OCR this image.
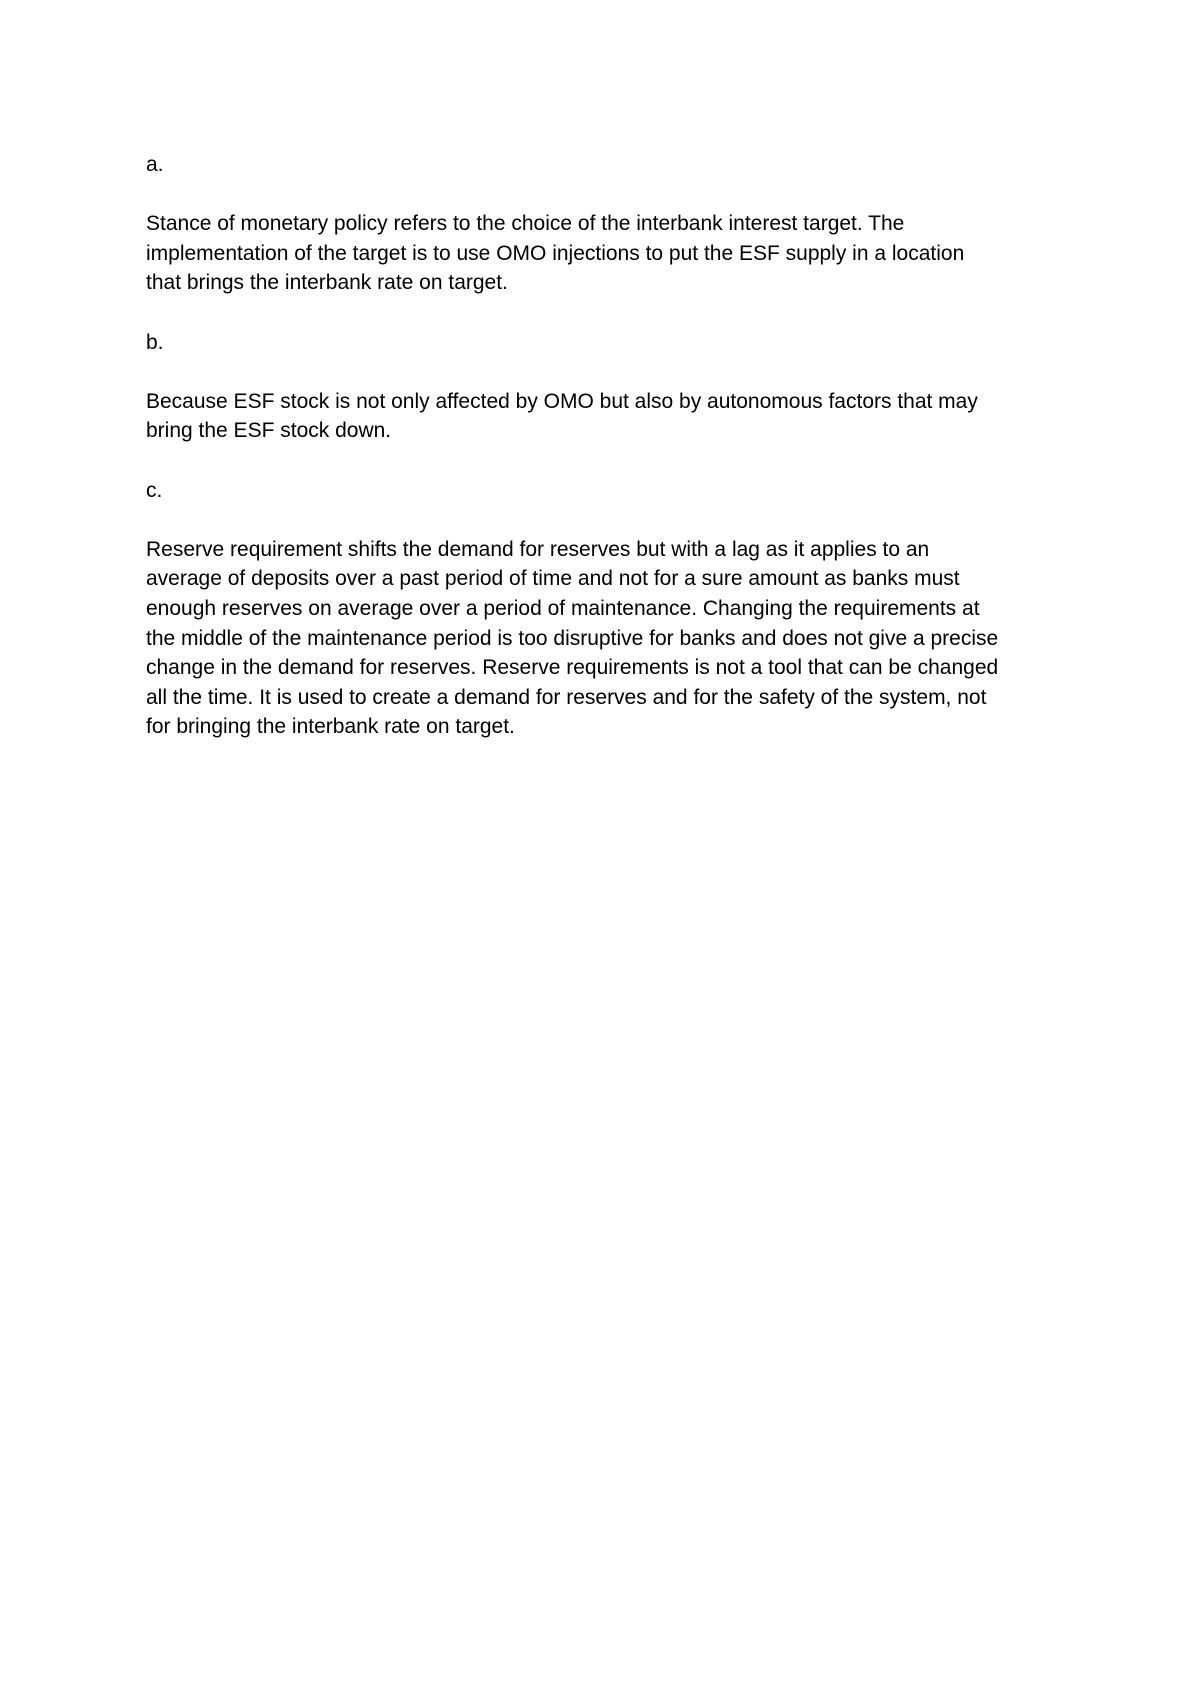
a.
Stance of monetary policy refers to the choice of the interbank interest target. The
implementation of the target is to use OMO injections to put the ESF supply in a location
that brings the interbank rate on target.
b.
Because ESF stock is not only affected by OMO but also by autonomous factors that may
bring the ESF stock down.
c.
Reserve requirement shifts the demand for reserves but with a lag as it applies to an
average of deposits over a past period of time and not for a sure amount as banks must
enough reserves on average over a period of maintenance. Changing the requirements at
the middle of the maintenance period is too disruptive for banks and does not give a precise
change in the demand for reserves. Reserve requirements is not a tool that can be changed
all the time. It is used to create a demand for reserves and for the safety of the system, not
for bringing the interbank rate on target.
